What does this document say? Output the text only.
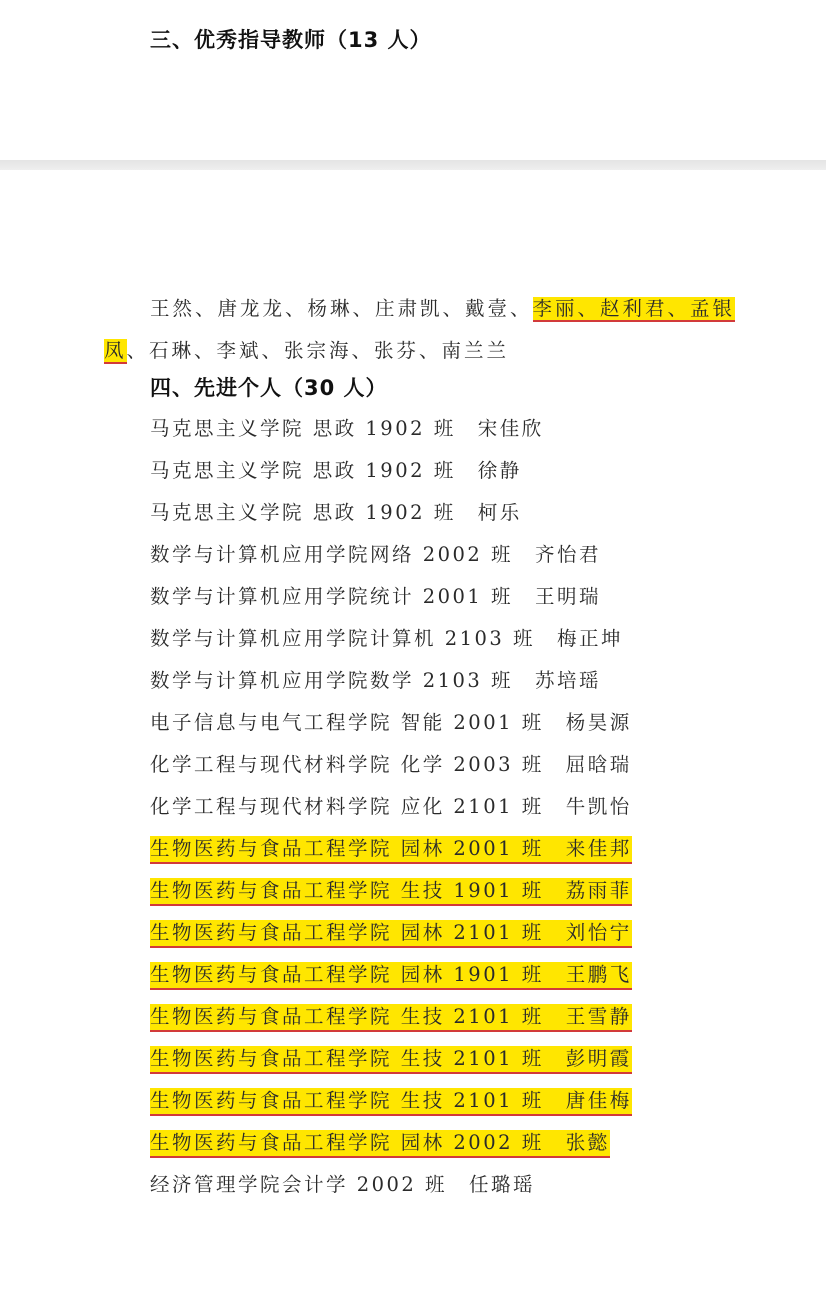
三、优秀指导教师（13 人）
王然、唐龙龙、杨琳、庄肃凯、戴壹、李丽、赵利君、孟银
凤、石琳、李斌、张宗海、张芬、南兰兰
四、先进个人（30 人）
马克思主义学院 思政 1902 班　宋佳欣
马克思主义学院 思政 1902 班　徐静
马克思主义学院 思政 1902 班　柯乐
数学与计算机应用学院网络 2002 班　齐怡君
数学与计算机应用学院统计 2001 班　王明瑞
数学与计算机应用学院计算机 2103 班　梅正坤
数学与计算机应用学院数学 2103 班　苏培瑶
电子信息与电气工程学院 智能 2001 班　杨昊源
化学工程与现代材料学院 化学 2003 班　屈晗瑞
化学工程与现代材料学院 应化 2101 班　牛凯怡
生物医药与食品工程学院 园林 2001 班　来佳邦
生物医药与食品工程学院 生技 1901 班　荔雨菲
生物医药与食品工程学院 园林 2101 班　刘怡宁
生物医药与食品工程学院 园林 1901 班　王鹏飞
生物医药与食品工程学院 生技 2101 班　王雪静
生物医药与食品工程学院 生技 2101 班　彭明霞
生物医药与食品工程学院 生技 2101 班　唐佳梅
生物医药与食品工程学院 园林 2002 班　张懿
经济管理学院会计学 2002 班　任璐瑶
